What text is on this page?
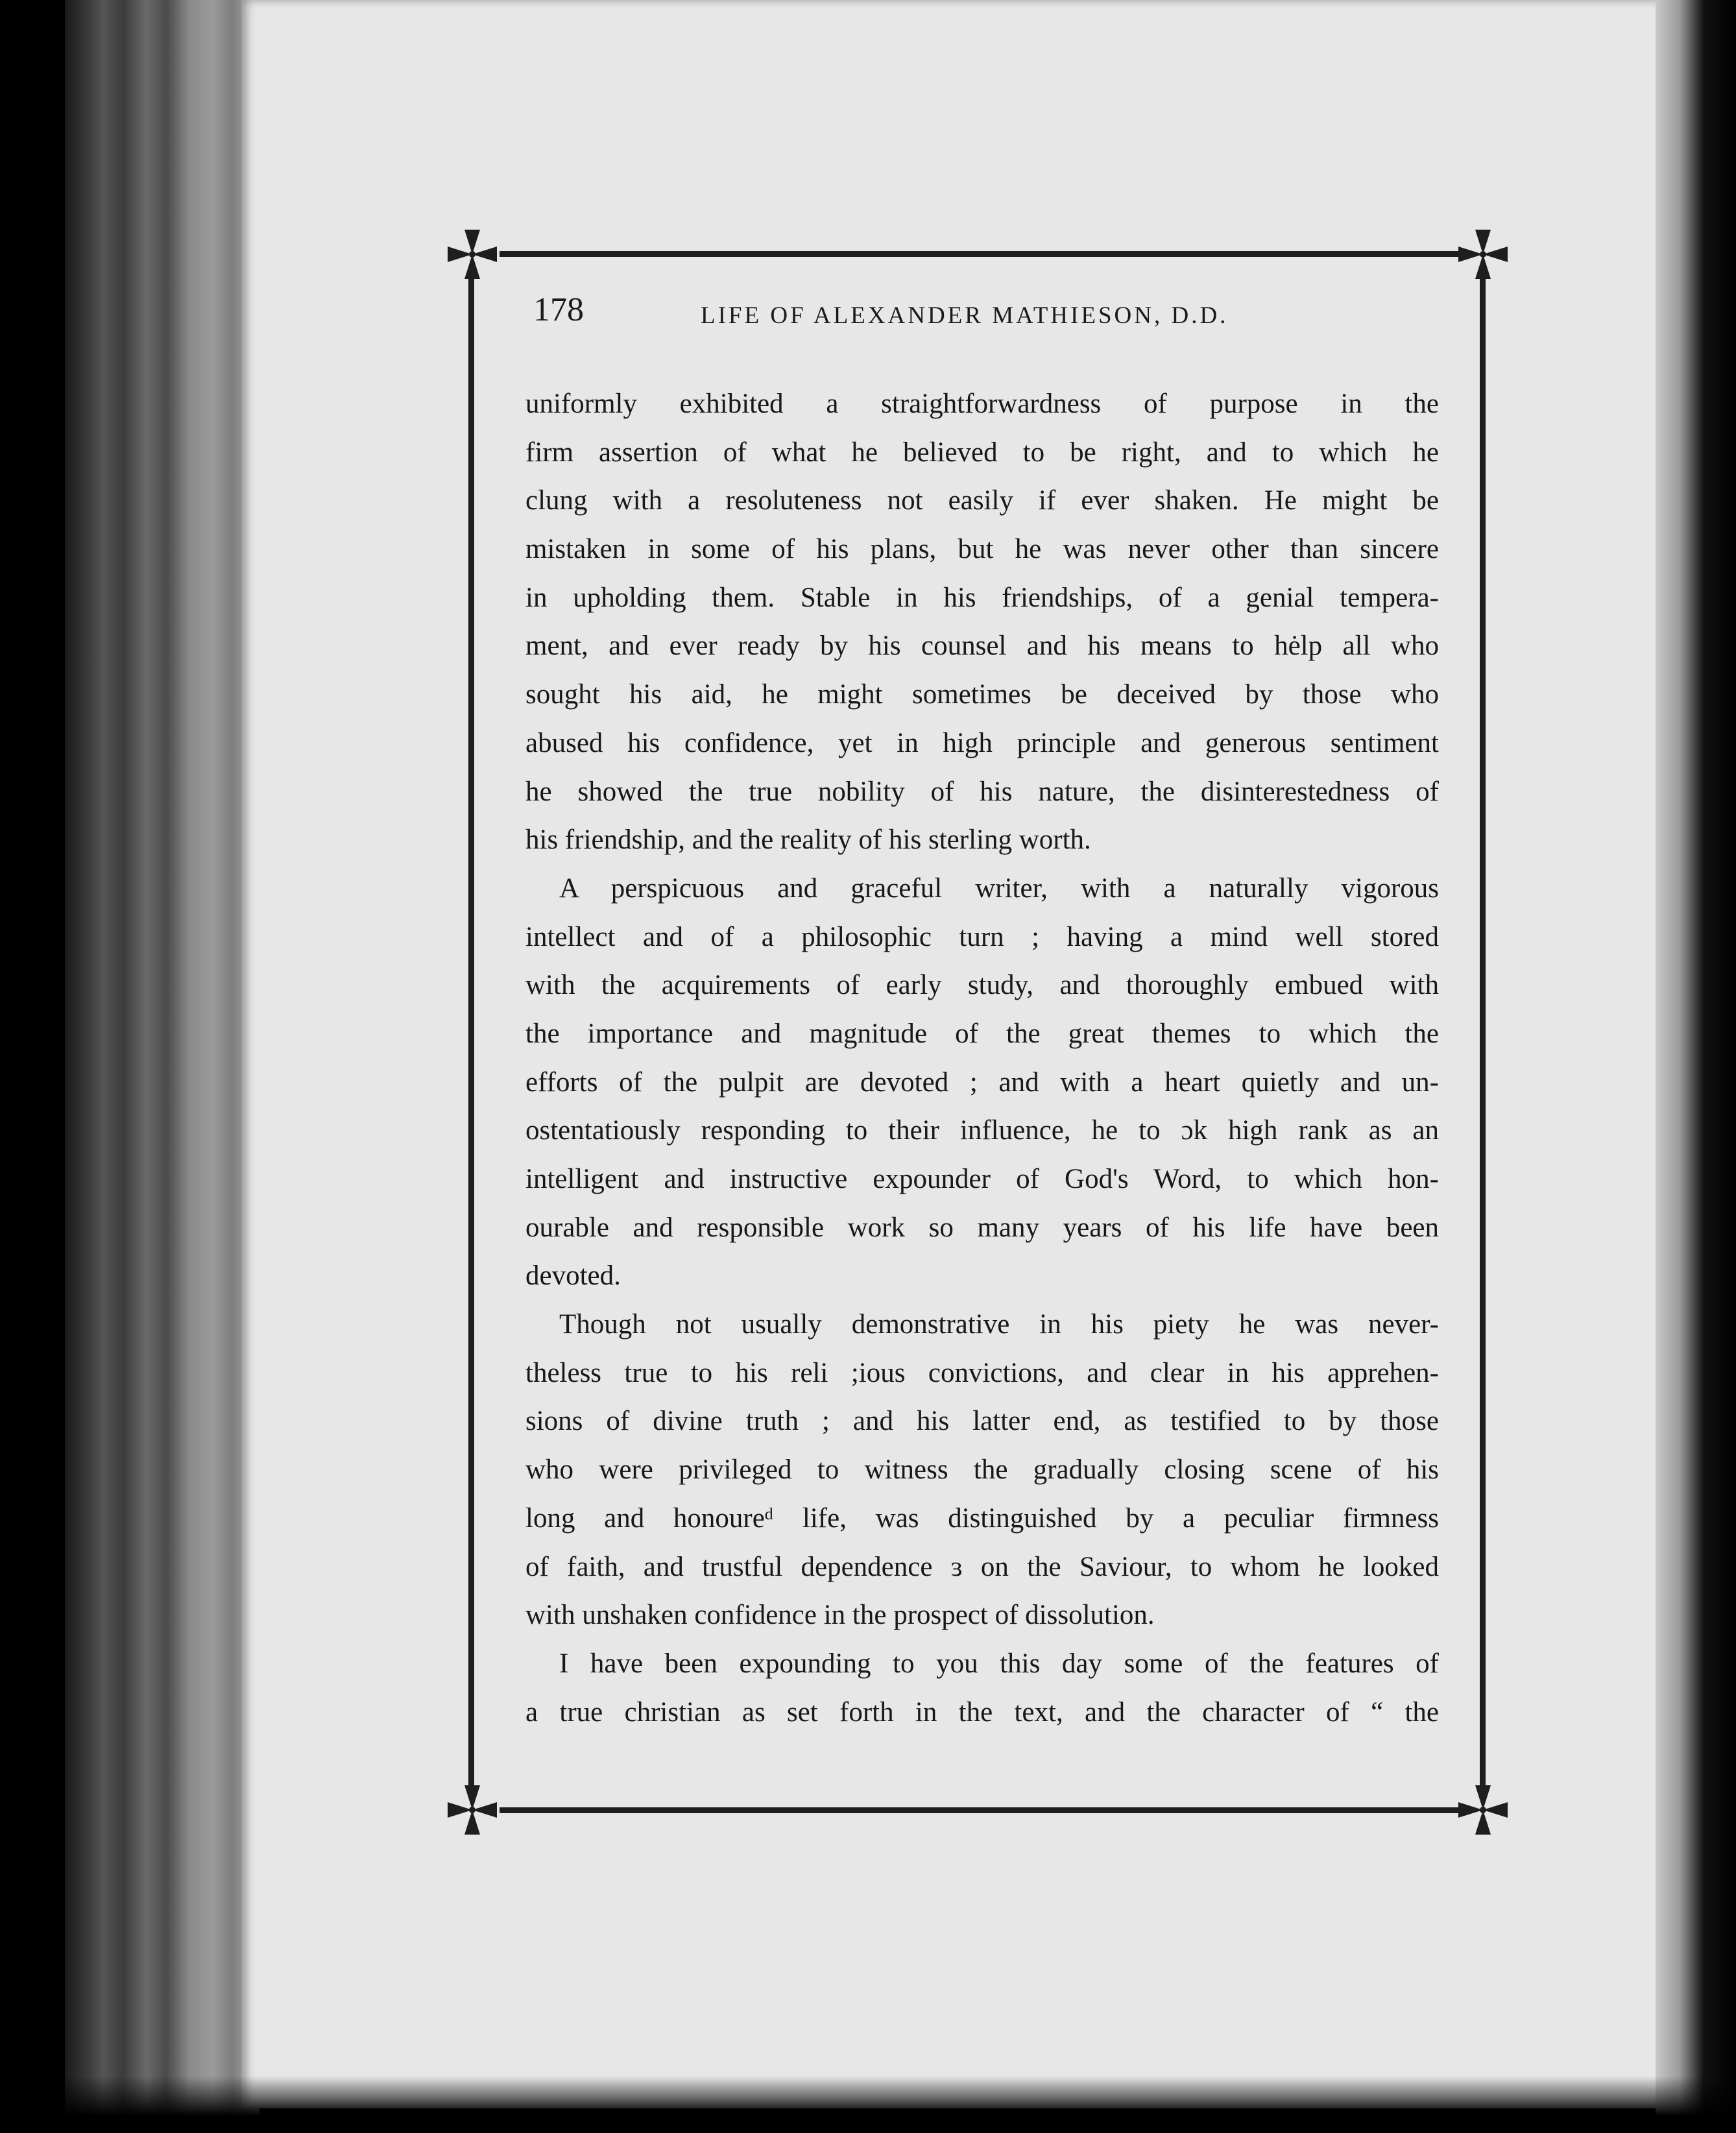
178	LIFE OF ALEXANDER MATHIESON, D.D.
uniformly exhibited a straightforwardness of purpose in the
firm assertion of what he believed to be right, and to which he
clung with a resoluteness not easily if ever shaken. He might be
mistaken in some of his plans, but he was never other than sincere
in upholding them. Stable in his friendships, of a genial tempera-
ment, and ever ready by his counsel and his means to hėlp all who
sought his aid, he might sometimes be deceived by those who
abused his confidence, yet in high principle and generous sentiment
he showed the true nobility of his nature, the disinterestedness of
his friendship, and the reality of his sterling worth.
A perspicuous and graceful writer, with a naturally vigorous
intellect and of a philosophic turn ; having a mind well stored
with the acquirements of early study, and thoroughly embued with
the importance and magnitude of the great themes to which the
efforts of the pulpit are devoted ; and with a heart quietly and un-
ostentatiously responding to their influence, he to ɔk high rank as an
intelligent and instructive expounder of God's Word, to which hon-
ourable and responsible work so many years of his life have been
devoted.
Though not usually demonstrative in his piety he was never-
theless true to his reli ;ious convictions, and clear in his apprehen-
sions of divine truth ; and his latter end, as testified to by those
who were privileged to witness the gradually closing scene of his
long and honoureᵈ life, was distinguished by a peculiar firmness
of faith, and trustful dependence ɜ on the Saviour, to whom he looked
with unshaken confidence in the prospect of dissolution.
I have been expounding to you this day some of the features of
a true christian as set forth in the text, and the character of “ the
